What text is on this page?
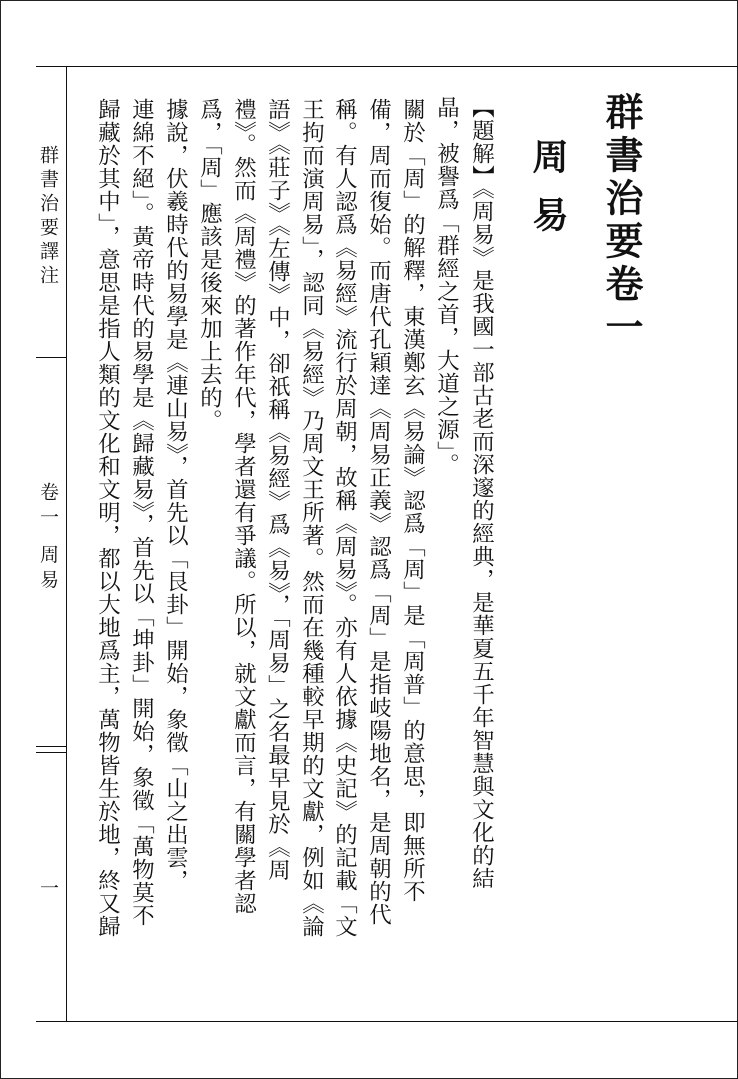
群書治要譯注
卷一 周易
一
群書治要卷一
周易
【題解】《周易》是我國一部古老而深邃的經典，是華夏五千年智慧與文化的結
晶，被譽爲「群經之首，大道之源」。
關於「周」的解釋，東漢鄭玄《易論》認爲「周」是「周普」的意思，即無所不
備，周而復始。而唐代孔穎達《周易正義》認爲「周」是指岐陽地名，是周朝的代
稱。有人認爲《易經》流行於周朝，故稱《周易》。亦有人依據《史記》的記載「文
王拘而演周易」，認同《易經》乃周文王所著。然而在幾種較早期的文獻，例如《論
語》《莊子》《左傳》中，卻祇稱《易經》爲《易》，「周易」之名最早見於《周
禮》。然而《周禮》的著作年代，學者還有爭議。所以，就文獻而言，有關學者認
爲，「周」應該是後來加上去的。
據說，伏羲時代的易學是《連山易》，首先以「艮卦」開始，象徵「山之出雲，
連綿不絕」。黃帝時代的易學是《歸藏易》，首先以「坤卦」開始，象徵「萬物莫不
歸藏於其中」，意思是指人類的文化和文明，都以大地爲主，萬物皆生於地，終又歸
